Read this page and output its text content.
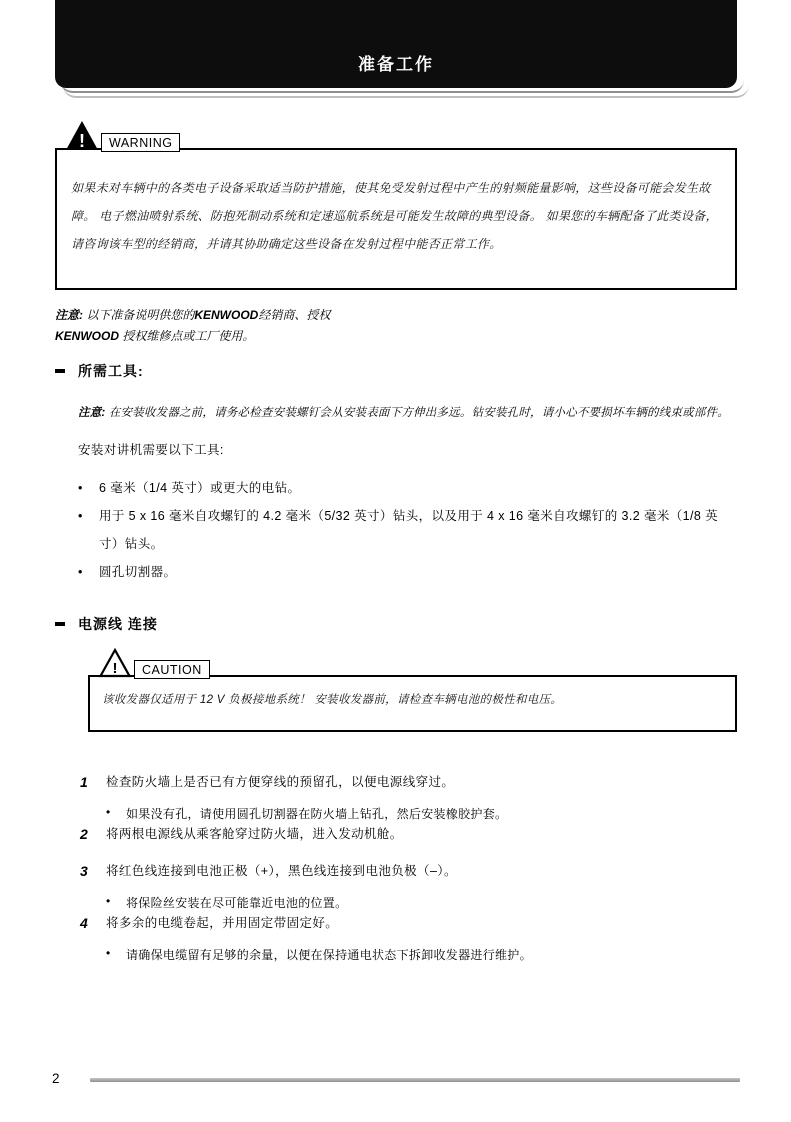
准备工作
!	WARNING

如果未对车辆中的各类电子设备采取适当防护措施，使其免受发射过程中产生的射频能量影响，这些设备可能会发生故障。 电子燃油喷射系统、防抱死制动系统和定速巡航系统是可能发生故障的典型设备。 如果您的车辆配备了此类设备，请咨询该车型的经销商，并请其协助确定这些设备在发射过程中能否正常工作。

注意: 以下准备说明供您的KENWOOD经销商、授权
KENWOOD 授权维修点或工厂使用。

所需工具:

注意: 在安装收发器之前，请务必检查安装螺钉会从安装表面下方伸出多远。钻安装孔时，请小心不要损坏车辆的线束或部件。

安装对讲机需要以下工具:

•	6 毫米（1/4 英寸）或更大的电钻。
•	用于 5 x 16 毫米自攻螺钉的 4.2 毫米（5/32 英寸）钻头，以及用于 4 x 16 毫米自攻螺钉的 3.2 毫米（1/8 英寸）钻头。
•	圆孔切割器。
电源线 连接
!	CAUTION

该收发器仅适用于 12 V 负极接地系统！ 安装收发器前，请检查车辆电池的极性和电压。

1	检查防火墙上是否已有方便穿线的预留孔，以便电源线穿过。
•	如果没有孔，请使用圆孔切割器在防火墙上钻孔，然后安装橡胶护套。
2	将两根电源线从乘客舱穿过防火墙，进入发动机舱。
3	将红色线连接到电池正极（+），黑色线连接到电池负极（–）。
•	将保险丝安装在尽可能靠近电池的位置。
4	将多余的电缆卷起，并用固定带固定好。
•	请确保电缆留有足够的余量，以便在保持通电状态下拆卸收发器进行维护。
2
